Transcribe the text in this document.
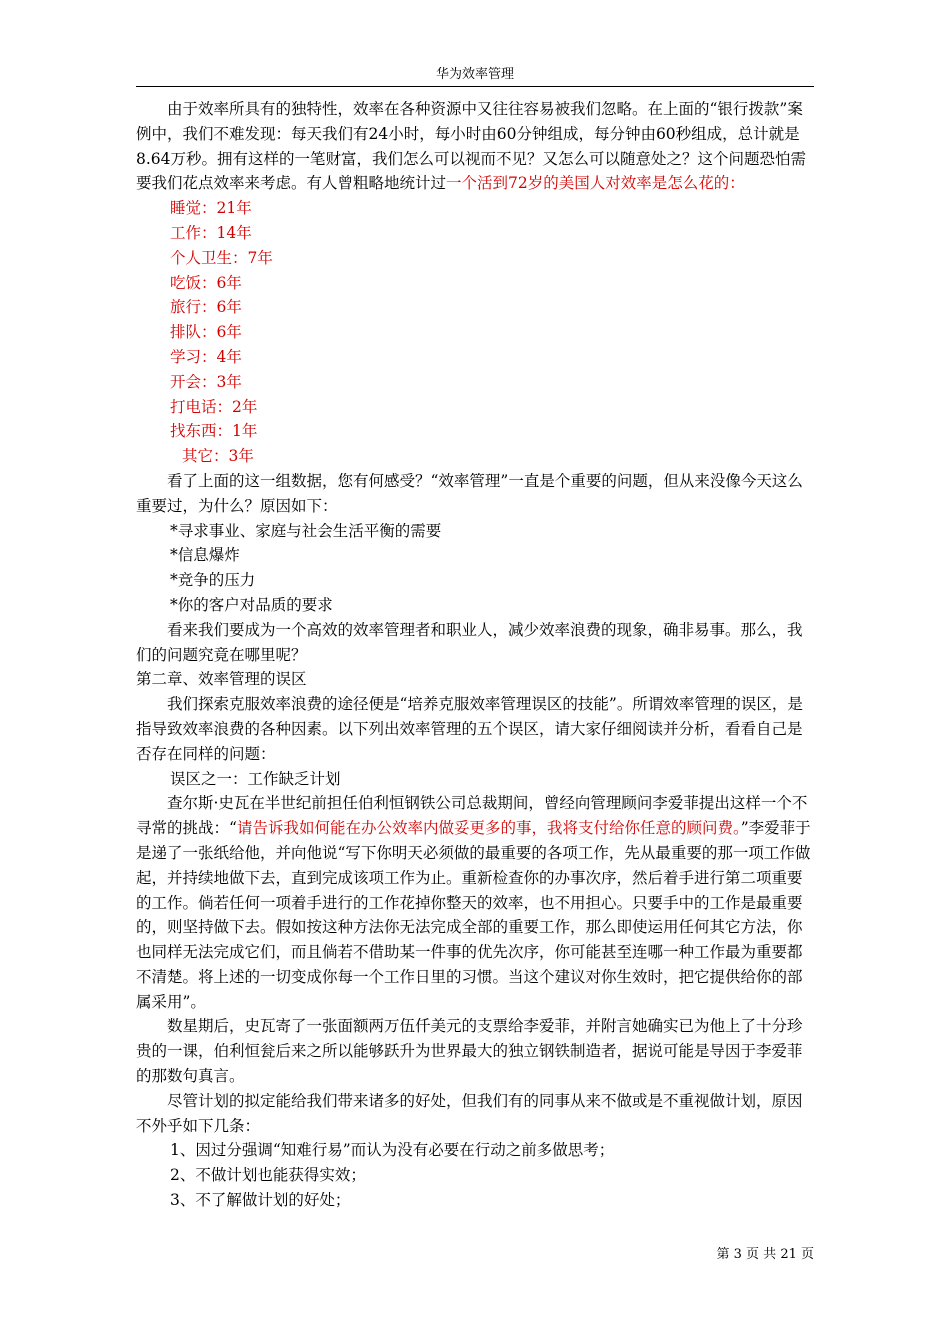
华为效率管理

由于效率所具有的独特性，效率在各种资源中又往往容易被我们忽略。在上面的“银行拨款”案例中，我们不难发现：每天我们有24小时，每小时由60分钟组成，每分钟由60秒组成，总计就是8.64万秒。拥有这样的一笔财富，我们怎么可以视而不见？又怎么可以随意处之？这个问题恐怕需要我们花点效率来考虑。有人曾粗略地统计过一个活到72岁的美国人对效率是怎么花的：

睡觉：21年

工作：14年

个人卫生：7年

吃饭：6年

旅行：6年

排队：6年

学习：4年

开会：3年

打电话：2年

找东西：1年

其它：3年

看了上面的这一组数据，您有何感受？“效率管理”一直是个重要的问题，但从来没像今天这么重要过，为什么？原因如下：

*寻求事业、家庭与社会生活平衡的需要

*信息爆炸

*竞争的压力

*你的客户对品质的要求

看来我们要成为一个高效的效率管理者和职业人，减少效率浪费的现象，确非易事。那么，我们的问题究竟在哪里呢？

第二章、效率管理的误区

我们探索克服效率浪费的途径便是“培养克服效率管理误区的技能”。所谓效率管理的误区，是指导致效率浪费的各种因素。以下列出效率管理的五个误区，请大家仔细阅读并分析，看看自己是否存在同样的问题：

误区之一：工作缺乏计划

查尔斯·史瓦在半世纪前担任伯利恒钢铁公司总裁期间，曾经向管理顾问李爱菲提出这样一个不寻常的挑战：“请告诉我如何能在办公效率内做妥更多的事，我将支付给你任意的顾问费。”李爱菲于是递了一张纸给他，并向他说“写下你明天必须做的最重要的各项工作，先从最重要的那一项工作做起，并持续地做下去，直到完成该项工作为止。重新检查你的办事次序，然后着手进行第二项重要的工作。倘若任何一项着手进行的工作花掉你整天的效率，也不用担心。只要手中的工作是最重要的，则坚持做下去。假如按这种方法你无法完成全部的重要工作，那么即使运用任何其它方法，你也同样无法完成它们，而且倘若不借助某一件事的优先次序，你可能甚至连哪一种工作最为重要都不清楚。将上述的一切变成你每一个工作日里的习惯。当这个建议对你生效时，把它提供给你的部属采用”。

数星期后，史瓦寄了一张面额两万伍仟美元的支票给李爱菲，并附言她确实已为他上了十分珍贵的一课，伯利恒瓮后来之所以能够跃升为世界最大的独立钢铁制造者，据说可能是导因于李爱菲的那数句真言。

尽管计划的拟定能给我们带来诸多的好处，但我们有的同事从来不做或是不重视做计划，原因不外乎如下几条：

1、因过分强调“知难行易”而认为没有必要在行动之前多做思考；

2、不做计划也能获得实效；

3、不了解做计划的好处；

第 3 页 共 21 页
